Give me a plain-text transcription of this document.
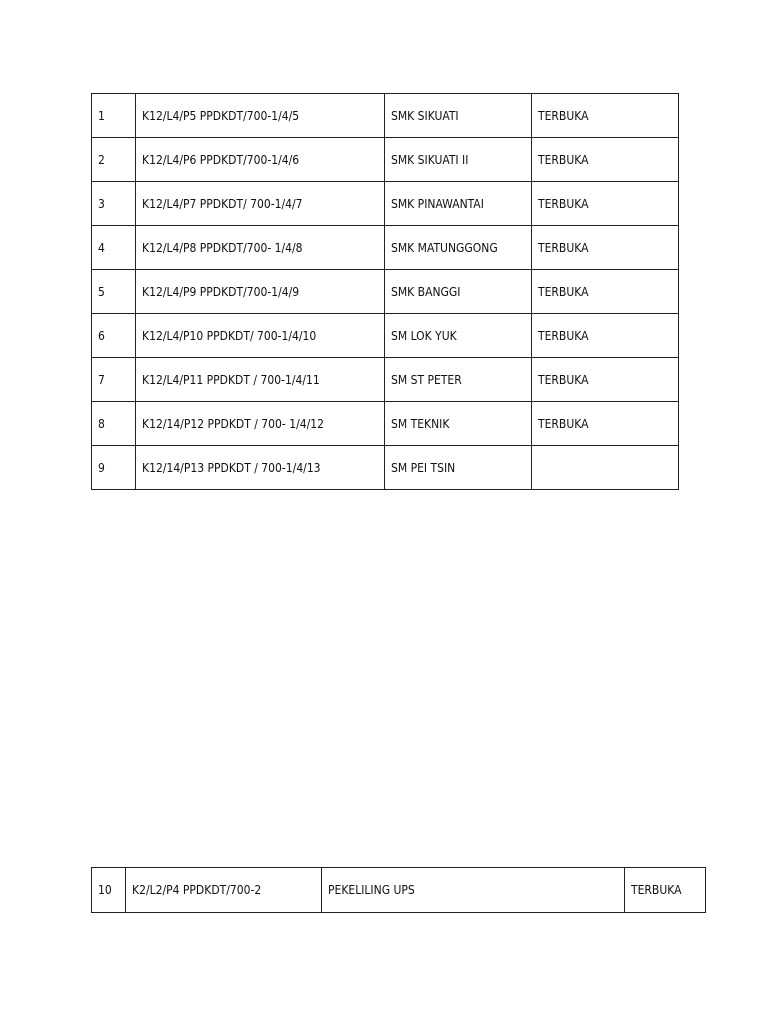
1	K12/L4/P5 PPDKDT/700-1/4/5	SMK SIKUATI	TERBUKA
2	K12/L4/P6 PPDKDT/700-1/4/6	SMK SIKUATI II	TERBUKA
3	K12/L4/P7 PPDKDT/ 700-1/4/7	SMK PINAWANTAI	TERBUKA
4	K12/L4/P8 PPDKDT/700- 1/4/8	SMK MATUNGGONG	TERBUKA
5	K12/L4/P9 PPDKDT/700-1/4/9	SMK BANGGI	TERBUKA
6	K12/L4/P10 PPDKDT/ 700-1/4/10	SM LOK YUK	TERBUKA
7	K12/L4/P11 PPDKDT / 700-1/4/11	SM ST PETER	TERBUKA
8	K12/14/P12 PPDKDT / 700- 1/4/12	SM TEKNIK	TERBUKA
9	K12/14/P13 PPDKDT / 700-1/4/13	SM PEI TSIN	
10	K2/L2/P4 PPDKDT/700-2	PEKELILING UPS	TERBUKA
